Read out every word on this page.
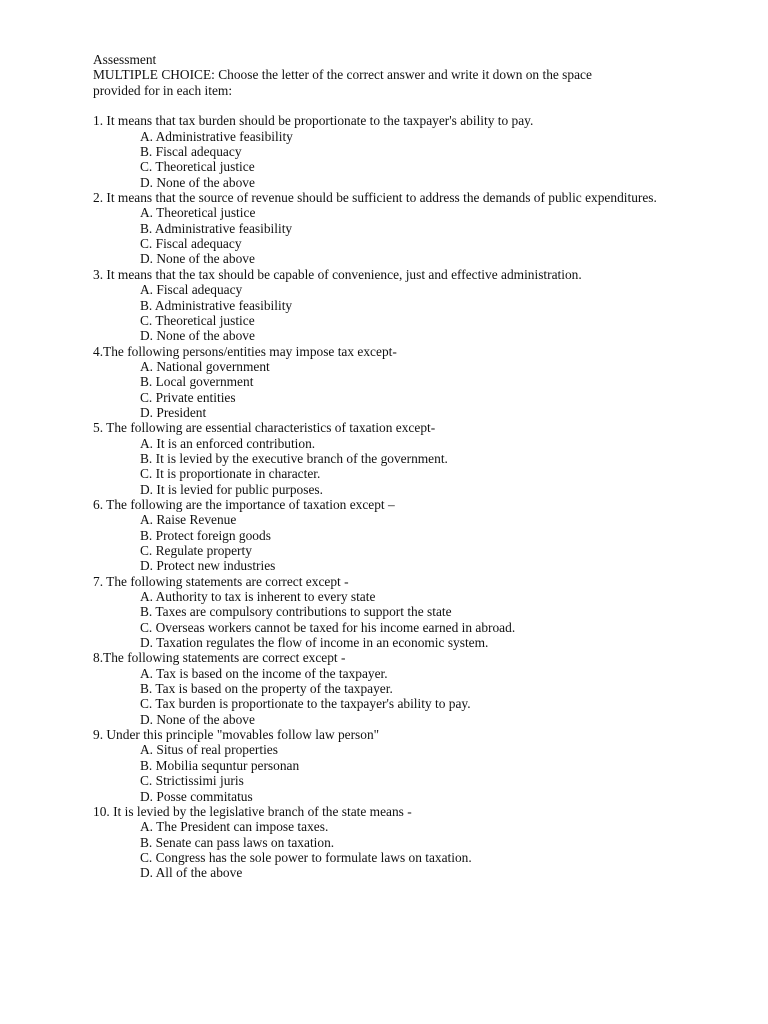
Assessment
MULTIPLE CHOICE: Choose the letter of the correct answer and write it down on the space
provided for in each item:
1. It means that tax burden should be proportionate to the taxpayer's ability to pay.
A. Administrative feasibility
B. Fiscal adequacy
C. Theoretical justice
D. None of the above
2. It means that the source of revenue should be sufficient to address the demands of public expenditures.
A. Theoretical justice
B. Administrative feasibility
C. Fiscal adequacy
D. None of the above
3. It means that the tax should be capable of convenience, just and effective administration.
A. Fiscal adequacy
B. Administrative feasibility
C. Theoretical justice
D. None of the above
4.The following persons/entities may impose tax except-
A. National government
B. Local government
C. Private entities
D. President
5. The following are essential characteristics of taxation except-
A. It is an enforced contribution.
B. It is levied by the executive branch of the government.
C. It is proportionate in character.
D. It is levied for public purposes.
6. The following are the importance of taxation except –
A. Raise Revenue
B. Protect foreign goods
C. Regulate property
D. Protect new industries
7. The following statements are correct except -
A. Authority to tax is inherent to every state
B. Taxes are compulsory contributions to support the state
C. Overseas workers cannot be taxed for his income earned in abroad.
D. Taxation regulates the flow of income in an economic system.
8.The following statements are correct except -
A. Tax is based on the income of the taxpayer.
B. Tax is based on the property of the taxpayer.
C. Tax burden is proportionate to the taxpayer's ability to pay.
D. None of the above
9. Under this principle "movables follow law person"
A. Situs of real properties
B. Mobilia sequntur personan
C. Strictissimi juris
D. Posse commitatus
10. It is levied by the legislative branch of the state means -
A. The President can impose taxes.
B. Senate can pass laws on taxation.
C. Congress has the sole power to formulate laws on taxation.
D. All of the above
